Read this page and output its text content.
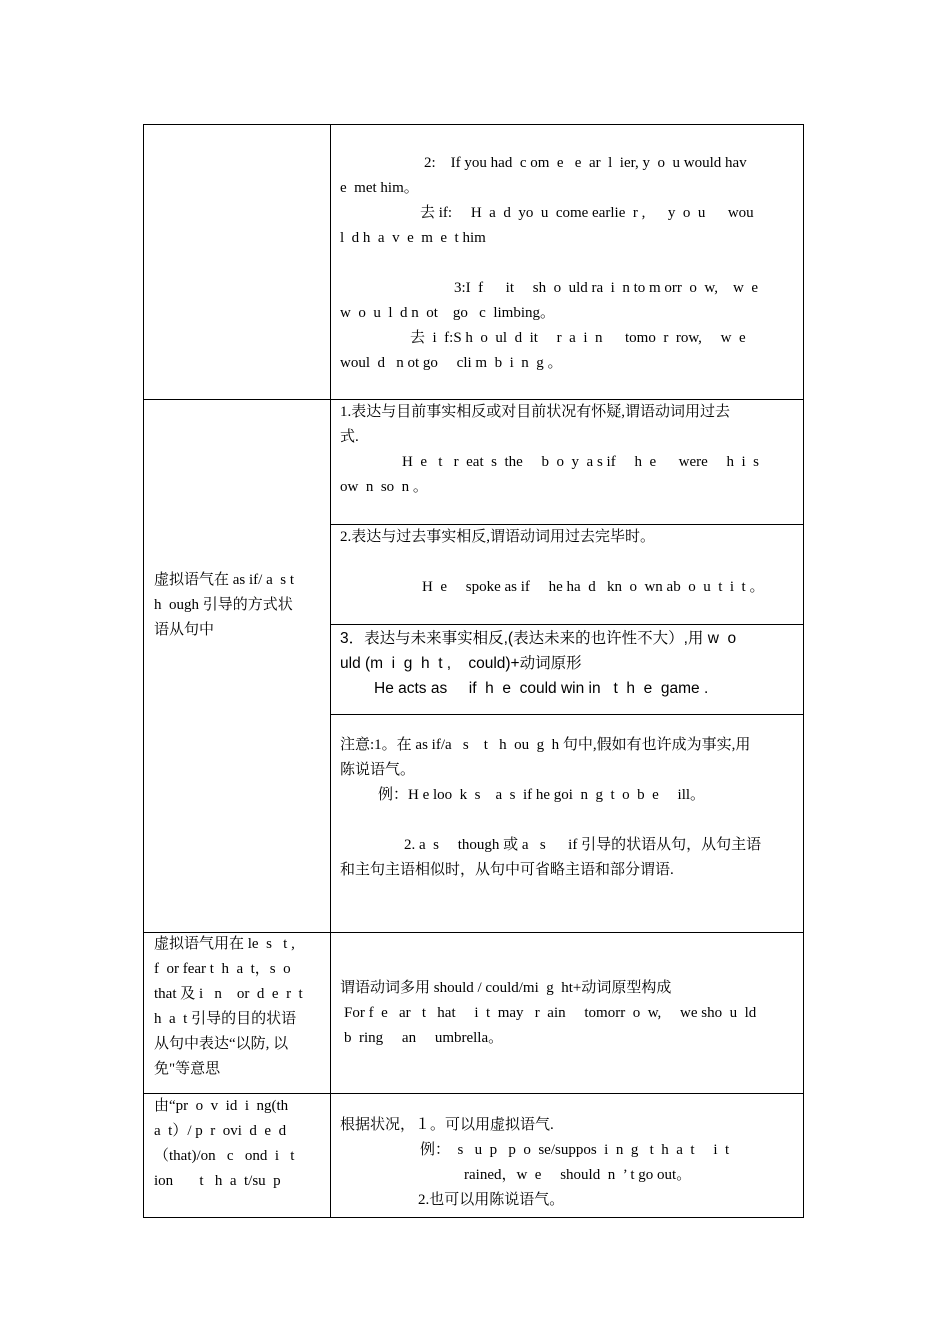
2:    If you had  c om  e   e  ar  l  ier, y  o  u would hav
e  met him。
去 if:     H  a  d  yo  u  come earlie  r ,      y  o  u      wou
l  d h  a  v  e  m  e  t him
3:I  f      it     sh  o  uld ra  i  n to m orr  o  w,    w  e
w  o  u  l  d n  ot    go   c  limbing。
去  i  f:S h  o  ul  d  it     r  a  i  n      tomo  r  row,     w  e
woul  d   n ot go     cli m  b  i  n  g 。
虚拟语气在 as if/ a  s t
h  ough 引导的方式状
语从句中
1.表达与目前事实相反或对目前状况有怀疑,谓语动词用过去
式.
H  e   t   r  eat  s  the     b  o  y  a s if     h  e      were     h  i  s
ow  n  so  n 。
2.表达与过去事实相反,谓语动词用过去完毕时。
H  e     spoke as if     he ha  d   kn  o  wn ab  o  u  t  i  t 。
3．表达与未来事实相反,(表达未来的也许性不大）,用 w  o
uld (m  i  g  h  t ,    could)+动词原形
He acts as     if  h  e  could win in   t  h  e  game .
注意:1。在 as if/a   s    t   h  ou  g  h 句中,假如有也许成为事实,用
陈说语气。
例：H e loo  k  s    a  s  if he goi  n  g  t  o  b  e     ill。
2. a  s     though 或 a   s      if 引导的状语从句，从句主语
和主句主语相似时，从句中可省略主语和部分谓语.
虚拟语气用在 le  s   t ,
f  or fear t  h  a  t，s  o
that 及 i   n    or  d  e  r  t
h  a  t 引导的目的状语
从句中表达“以防, 以
免"等意思
谓语动词多用 should / could/mi  g  ht+动词原型构成
For f  e   ar   t   hat     i  t  may   r  ain     tomorr  o  w,     we sho  u  ld
b  ring     an     umbrella。
由“pr  o  v  id  i  ng(th
a  t）/ p  r  ovi  d  e  d
（that)/on   c   ond  i   t
ion       t   h  a  t/su  p
根据状况，１。可以用虚拟语气.
例：  s   u  p   p  o  se/suppos  i  n  g   t  h  a  t     i  t
rained，w  e     should  n  ’ t go out。
2.也可以用陈说语气。
